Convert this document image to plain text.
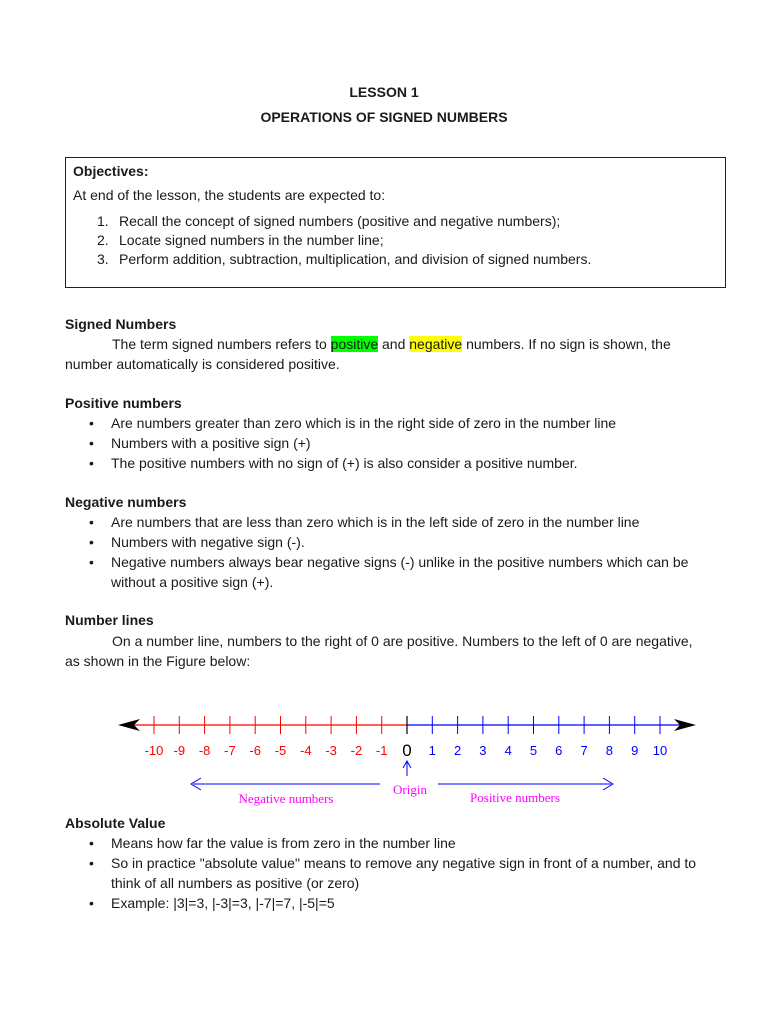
LESSON 1
OPERATIONS OF SIGNED NUMBERS
Objectives:
At end of the lesson, the students are expected to:
1. Recall the concept of signed numbers (positive and negative numbers);
2. Locate signed numbers in the number line;
3. Perform addition, subtraction, multiplication, and division of signed numbers.
Signed Numbers
The term signed numbers refers to positive and negative numbers. If no sign is shown, the number automatically is considered positive.
Positive numbers
• Are numbers greater than zero which is in the right side of zero in the number line
• Numbers with a positive sign (+)
• The positive numbers with no sign of (+) is also consider a positive number.
Negative numbers
• Are numbers that are less than zero which is in the left side of zero in the number line
• Numbers with negative sign (-).
• Negative numbers always bear negative signs (-) unlike in the positive numbers which can be without a positive sign (+).
Number lines
On a number line, numbers to the right of 0 are positive. Numbers to the left of 0 are negative, as shown in the Figure below:
-10 -9 -8 -7 -6 -5 -4 -3 -2 -1 0 1 2 3 4 5 6 7 8 9 10
Negative numbers
Origin
Positive numbers
Absolute Value
• Means how far the value is from zero in the number line
• So in practice "absolute value" means to remove any negative sign in front of a number, and to think of all numbers as positive (or zero)
• Example: |3|=3, |-3|=3, |-7|=7, |-5|=5
